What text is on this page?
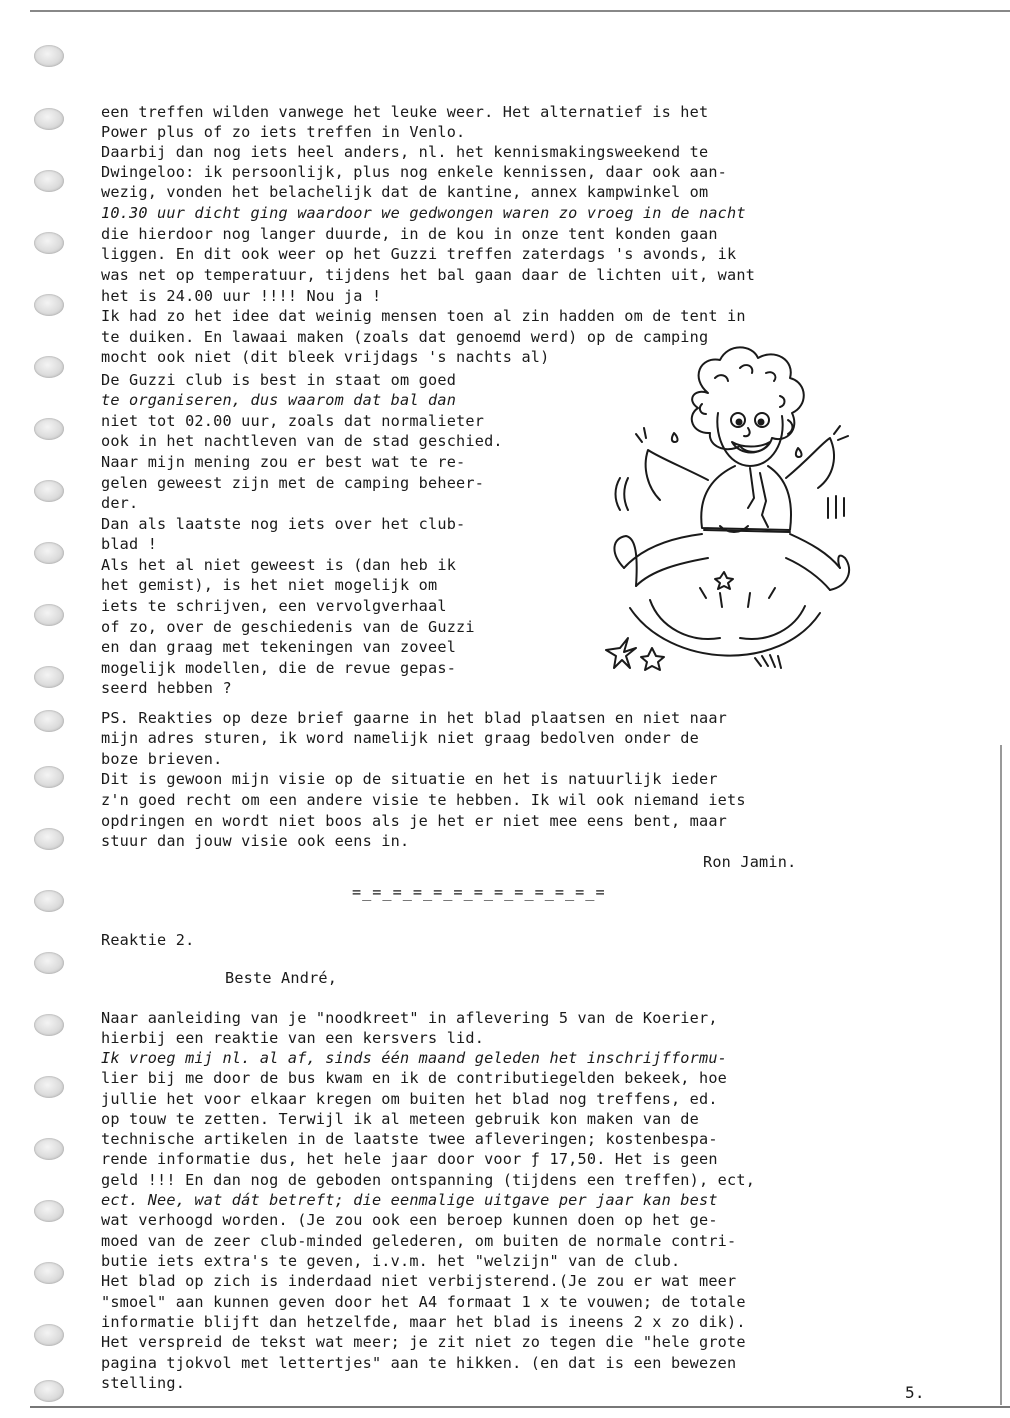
een treffen wilden vanwege het leuke weer. Het alternatief is het
Power plus of zo iets treffen in Venlo.
Daarbij dan nog iets heel anders, nl. het kennismakingsweekend te
Dwingeloo: ik persoonlijk, plus nog enkele kennissen, daar ook aan-
wezig, vonden het belachelijk dat de kantine, annex kampwinkel om
10.30 uur dicht ging waardoor we gedwongen waren zo vroeg in de nacht
die hierdoor nog langer duurde, in de kou in onze tent konden gaan
liggen. En dit ook weer op het Guzzi treffen zaterdags 's avonds, ik
was net op temperatuur, tijdens het bal gaan daar de lichten uit, want
het is 24.00 uur !!!! Nou ja !
Ik had zo het idee dat weinig mensen toen al zin hadden om de tent in
te duiken. En lawaai maken (zoals dat genoemd werd) op de camping
mocht ook niet (dit bleek vrijdags 's nachts al)
De Guzzi club is best in staat om goed
te organiseren, dus waarom dat bal dan
niet tot 02.00 uur, zoals dat normalieter
ook in het nachtleven van de stad geschied.
Naar mijn mening zou er best wat te re-
gelen geweest zijn met de camping beheer-
der.
Dan als laatste nog iets over het club-
blad !
Als het al niet geweest is (dan heb ik
het gemist), is het niet mogelijk om
iets te schrijven, een vervolgverhaal
of zo, over de geschiedenis van de Guzzi
en dan graag met tekeningen van zoveel
mogelijk modellen, die de revue gepas-
seerd hebben ?
PS. Reakties op deze brief gaarne in het blad plaatsen en niet naar
mijn adres sturen, ik word namelijk niet graag bedolven onder de
boze brieven.
Dit is gewoon mijn visie op de situatie en het is natuurlijk ieder
z'n goed recht om een andere visie te hebben. Ik wil ook niemand iets
opdringen en wordt niet boos als je het er niet mee eens bent, maar
stuur dan jouw visie ook eens in.
Ron Jamin.
=_=_=_=_=_=_=_=_=_=_=_=_=
Reaktie 2.
Beste André,
Naar aanleiding van je "noodkreet" in aflevering 5 van de Koerier,
hierbij een reaktie van een kersvers lid.
Ik vroeg mij nl. al af, sinds één maand geleden het inschrijfformu-
lier bij me door de bus kwam en ik de contributiegelden bekeek, hoe
jullie het voor elkaar kregen om buiten het blad nog treffens, ed.
op touw te zetten. Terwijl ik al meteen gebruik kon maken van de
technische artikelen in de laatste twee afleveringen; kostenbespa-
rende informatie dus, het hele jaar door voor ƒ 17,50. Het is geen
geld !!! En dan nog de geboden ontspanning (tijdens een treffen), ect,
ect. Nee, wat dát betreft; die eenmalige uitgave per jaar kan best
wat verhoogd worden. (Je zou ook een beroep kunnen doen op het ge-
moed van de zeer club-minded gelederen, om buiten de normale contri-
butie iets extra's te geven, i.v.m. het "welzijn" van de club.
Het blad op zich is inderdaad niet verbijsterend.(Je zou er wat meer
"smoel" aan kunnen geven door het A4 formaat 1 x te vouwen; de totale
informatie blijft dan hetzelfde, maar het blad is ineens 2 x zo dik).
Het verspreid de tekst wat meer; je zit niet zo tegen die "hele grote
pagina tjokvol met lettertjes" aan te hikken. (en dat is een bewezen
stelling.	5.
